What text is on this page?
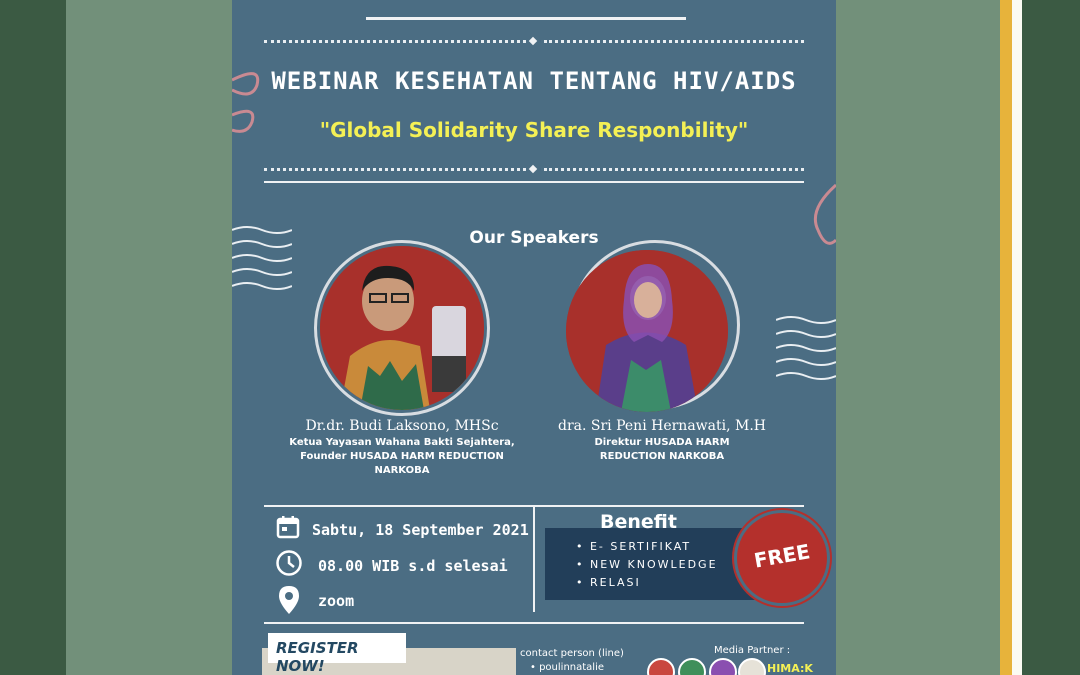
WEBINAR KESEHATAN TENTANG HIV/AIDS
"Global Solidarity Share Responbility"
Our Speakers
Dr.dr. Budi Laksono, MHSc
Ketua Yayasan Wahana Bakti Sejahtera,
Founder HUSADA HARM REDUCTION
NARKOBA
dra. Sri Peni Hernawati, M.H
Direktur HUSADA HARM
REDUCTION NARKOBA
Sabtu, 18 September 2021
08.00 WIB s.d selesai
zoom
Benefit
• E- SERTIFIKAT
• NEW KNOWLEDGE
• RELASI
FREE
REGISTER NOW!
contact person (line)
• poulinnatalie
Media Partner :
HIMA:K
